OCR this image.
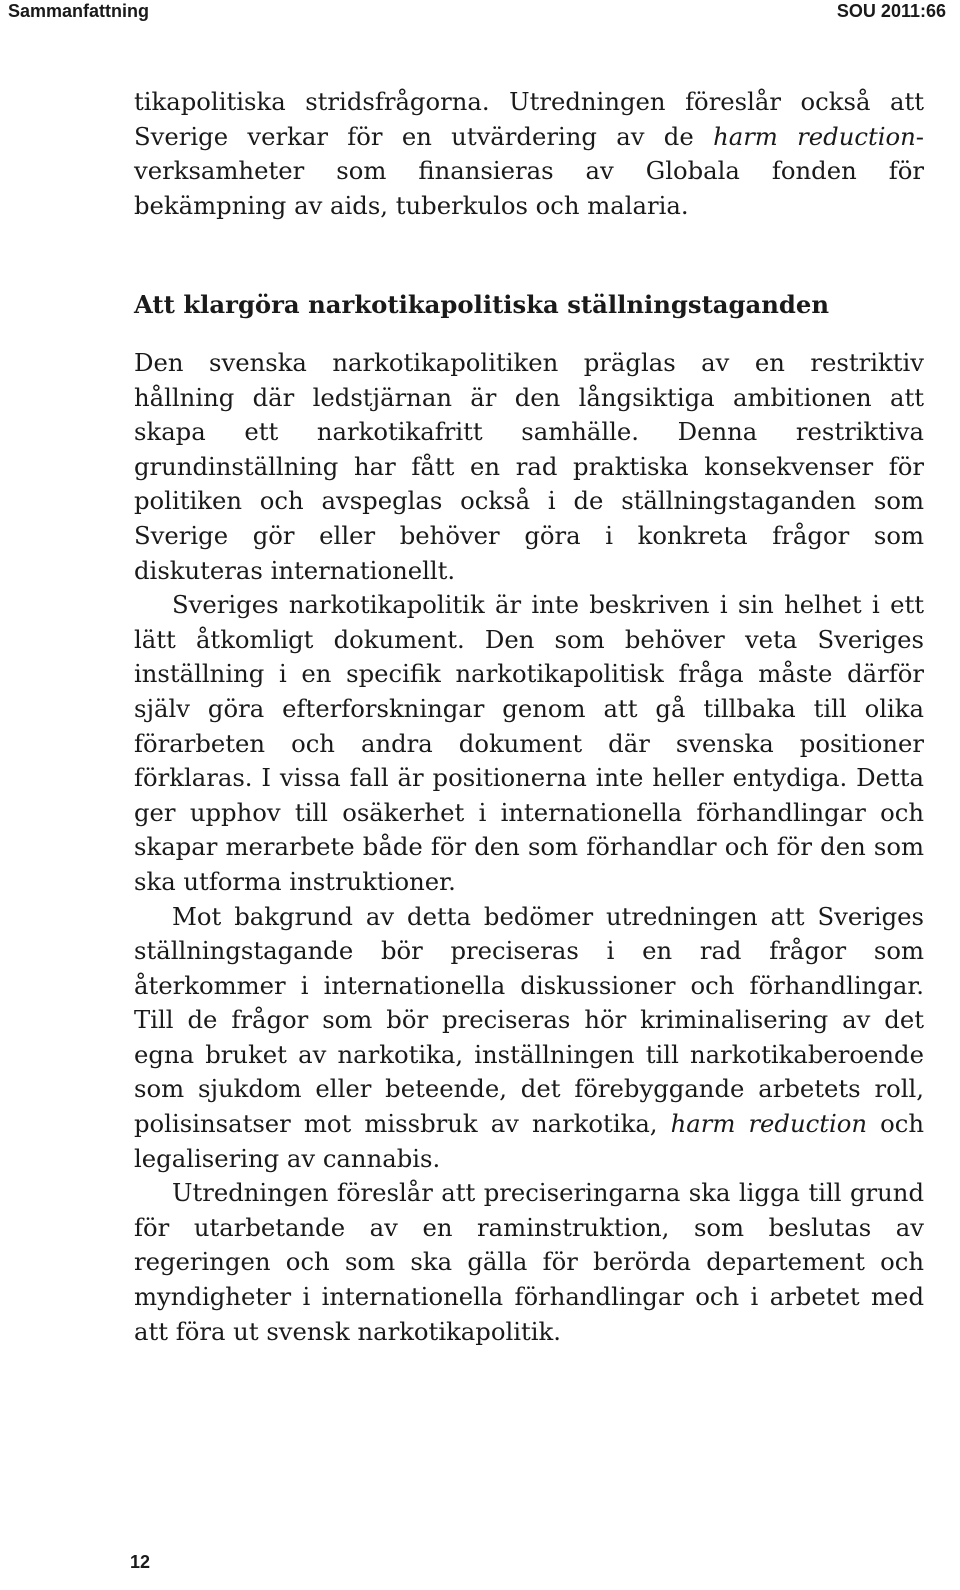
Sammanfattning	SOU 2011:66

tikapolitiska stridsfrågorna. Utredningen föreslår också att Sverige verkar för en utvärdering av de harm reduction-verksamheter som finansieras av Globala fonden för bekämpning av aids, tuberkulos och malaria.

Att klargöra narkotikapolitiska ställningstaganden

Den svenska narkotikapolitiken präglas av en restriktiv hållning där ledstjärnan är den långsiktiga ambitionen att skapa ett narkotikafritt samhälle. Denna restriktiva grundinställning har fått en rad praktiska konsekvenser för politiken och avspeglas också i de ställningstaganden som Sverige gör eller behöver göra i konkreta frågor som diskuteras internationellt.

Sveriges narkotikapolitik är inte beskriven i sin helhet i ett lätt åtkomligt dokument. Den som behöver veta Sveriges inställning i en specifik narkotikapolitisk fråga måste därför själv göra efterforskningar genom att gå tillbaka till olika förarbeten och andra dokument där svenska positioner förklaras. I vissa fall är positionerna inte heller entydiga. Detta ger upphov till osäkerhet i internationella förhandlingar och skapar merarbete både för den som förhandlar och för den som ska utforma instruktioner.

Mot bakgrund av detta bedömer utredningen att Sveriges ställningstagande bör preciseras i en rad frågor som återkommer i internationella diskussioner och förhandlingar. Till de frågor som bör preciseras hör kriminalisering av det egna bruket av narkotika, inställningen till narkotikaberoende som sjukdom eller beteende, det förebyggande arbetets roll, polisinsatser mot missbruk av narkotika, harm reduction och legalisering av cannabis.

Utredningen föreslår att preciseringarna ska ligga till grund för utarbetande av en raminstruktion, som beslutas av regeringen och som ska gälla för berörda departement och myndigheter i internationella förhandlingar och i arbetet med att föra ut svensk narkotikapolitik.

12
